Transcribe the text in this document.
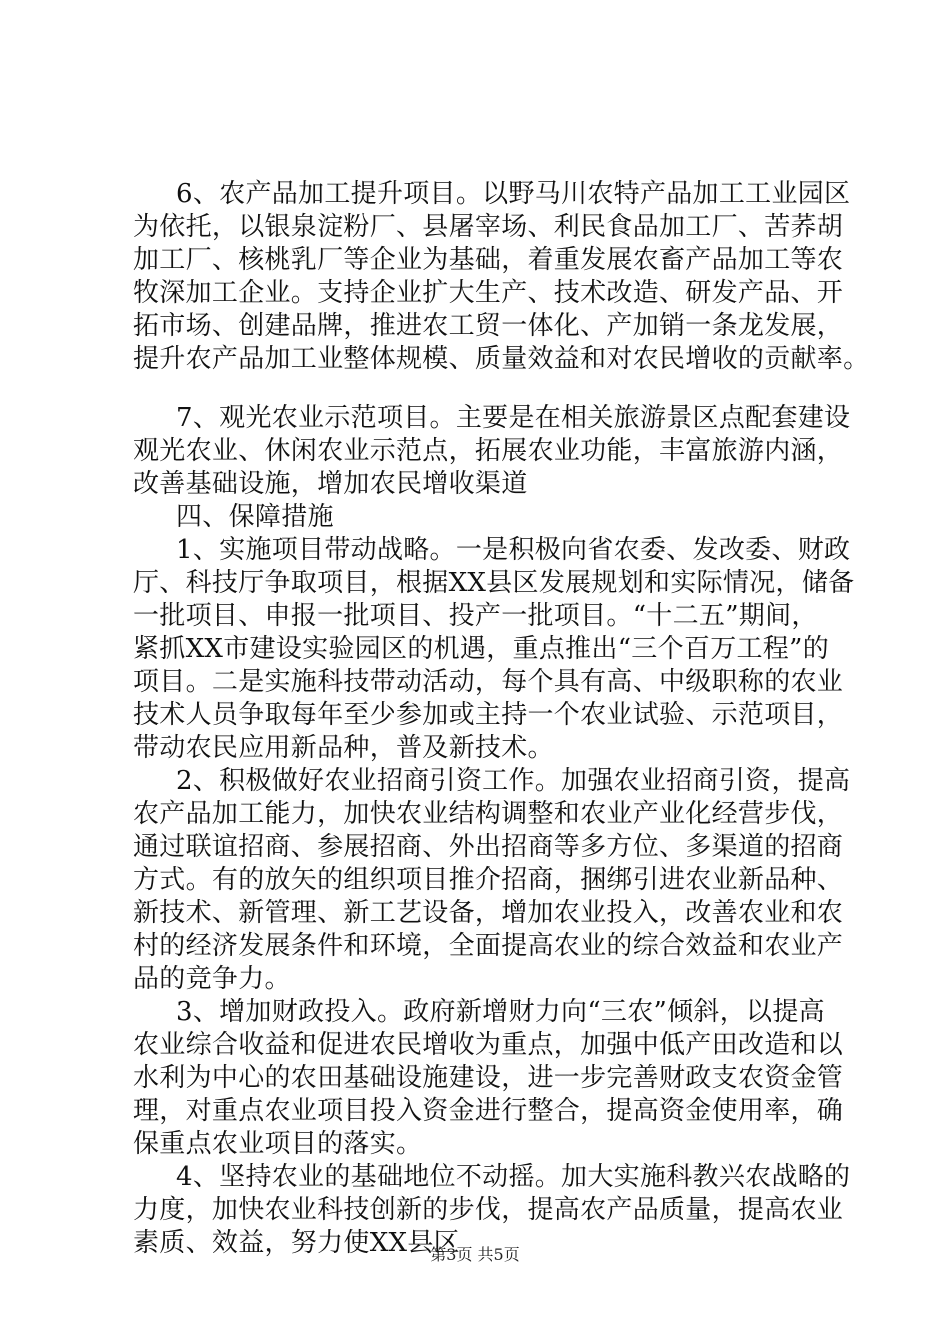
6、农产品加工提升项目。以野马川农特产品加工工业园区
为依托，以银泉淀粉厂、县屠宰场、利民食品加工厂、苦荞胡
加工厂、核桃乳厂等企业为基础，着重发展农畜产品加工等农
牧深加工企业。支持企业扩大生产、技术改造、研发产品、开
拓市场、创建品牌，推进农工贸一体化、产加销一条龙发展，
提升农产品加工业整体规模、质量效益和对农民增收的贡献率。
7、观光农业示范项目。主要是在相关旅游景区点配套建设
观光农业、休闲农业示范点，拓展农业功能，丰富旅游内涵，
改善基础设施，增加农民增收渠道
四、保障措施
1、实施项目带动战略。一是积极向省农委、发改委、财政
厅、科技厅争取项目，根据XX县区发展规划和实际情况，储备
一批项目、申报一批项目、投产一批项目。“十二五”期间，
紧抓XX市建设实验园区的机遇，重点推出“三个百万工程”的
项目。二是实施科技带动活动，每个具有高、中级职称的农业
技术人员争取每年至少参加或主持一个农业试验、示范项目，
带动农民应用新品种，普及新技术。
2、积极做好农业招商引资工作。加强农业招商引资，提高
农产品加工能力，加快农业结构调整和农业产业化经营步伐，
通过联谊招商、参展招商、外出招商等多方位、多渠道的招商
方式。有的放矢的组织项目推介招商，捆绑引进农业新品种、
新技术、新管理、新工艺设备，增加农业投入，改善农业和农
村的经济发展条件和环境，全面提高农业的综合效益和农业产
品的竞争力。
3、增加财政投入。政府新增财力向“三农”倾斜，以提高
农业综合收益和促进农民增收为重点，加强中低产田改造和以
水利为中心的农田基础设施建设，进一步完善财政支农资金管
理，对重点农业项目投入资金进行整合，提高资金使用率，确
保重点农业项目的落实。
4、坚持农业的基础地位不动摇。加大实施科教兴农战略的
力度，加快农业科技创新的步伐，提高农产品质量，提高农业
素质、效益，努力使XX县区
第3页 共5页
